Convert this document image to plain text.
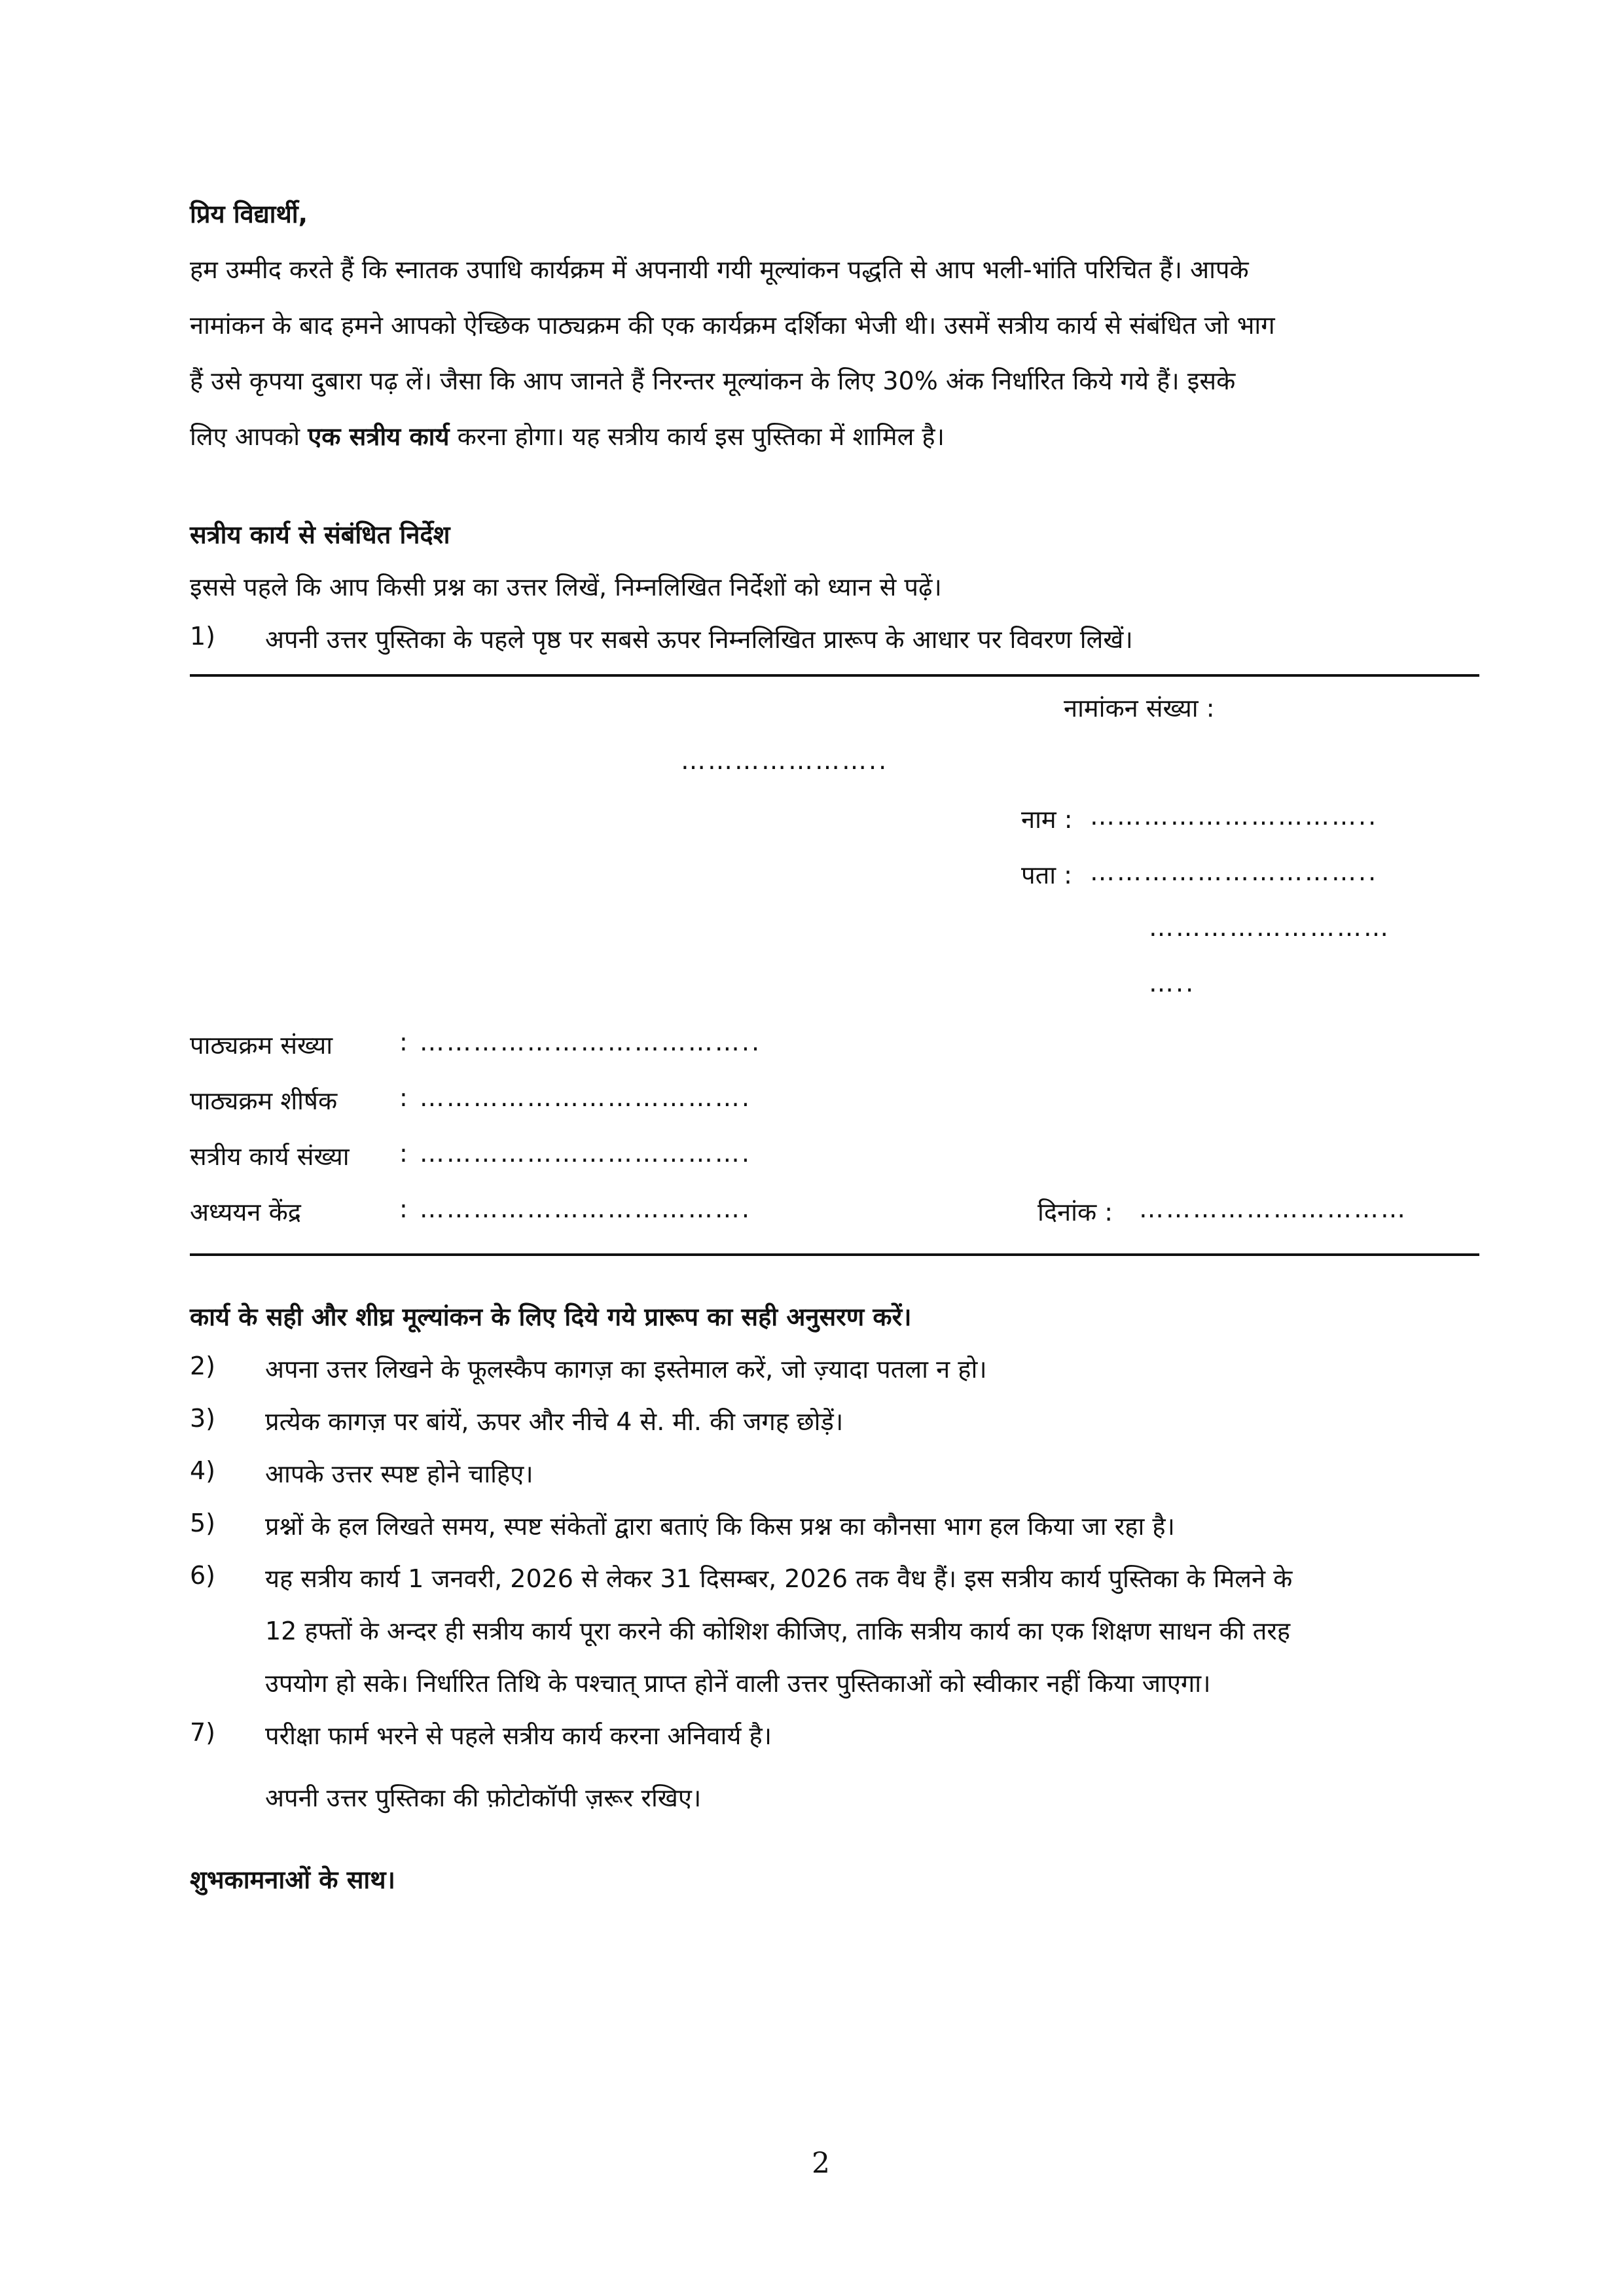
प्रिय विद्यार्थी,

हम उम्मीद करते हैं कि स्नातक उपाधि कार्यक्रम में अपनायी गयी मूल्यांकन पद्धति से आप भली-भांति परिचित हैं। आपके

नामांकन के बाद हमने आपको ऐच्छिक पाठ्यक्रम की एक कार्यक्रम दर्शिका भेजी थी। उसमें सत्रीय कार्य से संबंधित जो भाग

हैं उसे कृपया दुबारा पढ़ लें। जैसा कि आप जानते हैं निरन्तर मूल्यांकन के लिए 30% अंक निर्धारित किये गये हैं। इसके

लिए आपको एक सत्रीय कार्य करना होगा। यह सत्रीय कार्य इस पुस्तिका में शामिल है।

सत्रीय कार्य से संबंधित निर्देश

इससे पहले कि आप किसी प्रश्न का उत्तर लिखें, निम्नलिखित निर्देशों को ध्यान से पढ़ें।

1) अपनी उत्तर पुस्तिका के पहले पृष्ठ पर सबसे ऊपर निम्नलिखित प्रारूप के आधार पर विवरण लिखें।

नामांकन संख्या :

…………………..

नाम : …………………………..

पता : …………………………..

………………………

…..

पाठ्यक्रम संख्या	: ………………………………..

पाठ्यक्रम शीर्षक : ……………………………….

सत्रीय कार्य संख्या : ……………………………….

अध्ययन केंद्र	: ……………………………….	दिनांक : …………………………

कार्य के सही और शीघ्र मूल्यांकन के लिए दिये गये प्रारूप का सही अनुसरण करें।

2) अपना उत्तर लिखने के फूलस्कैप कागज़ का इस्तेमाल करें, जो ज़्यादा पतला न हो।
3) प्रत्येक कागज़ पर बांयें, ऊपर और नीचे 4 से. मी. की जगह छोड़ें।
4) आपके उत्तर स्पष्ट होने चाहिए।
5) प्रश्नों के हल लिखते समय, स्पष्ट संकेतों द्वारा बताएं कि किस प्रश्न का कौनसा भाग हल किया जा रहा है।
6) यह सत्रीय कार्य 1 जनवरी, 2026 से लेकर 31 दिसम्बर, 2026 तक वैध हैं। इस सत्रीय कार्य पुस्तिका के मिलने के
12 हफ्तों के अन्दर ही सत्रीय कार्य पूरा करने की कोशिश कीजिए, ताकि सत्रीय कार्य का एक शिक्षण साधन की तरह
उपयोग हो सके। निर्धारित तिथि के पश्चात् प्राप्त होनें वाली उत्तर पुस्तिकाओं को स्वीकार नहीं किया जाएगा।
7) परीक्षा फार्म भरने से पहले सत्रीय कार्य करना अनिवार्य है।

अपनी उत्तर पुस्तिका की फ़ोटोकॉपी ज़रूर रखिए।

शुभकामनाओं के साथ।

2
